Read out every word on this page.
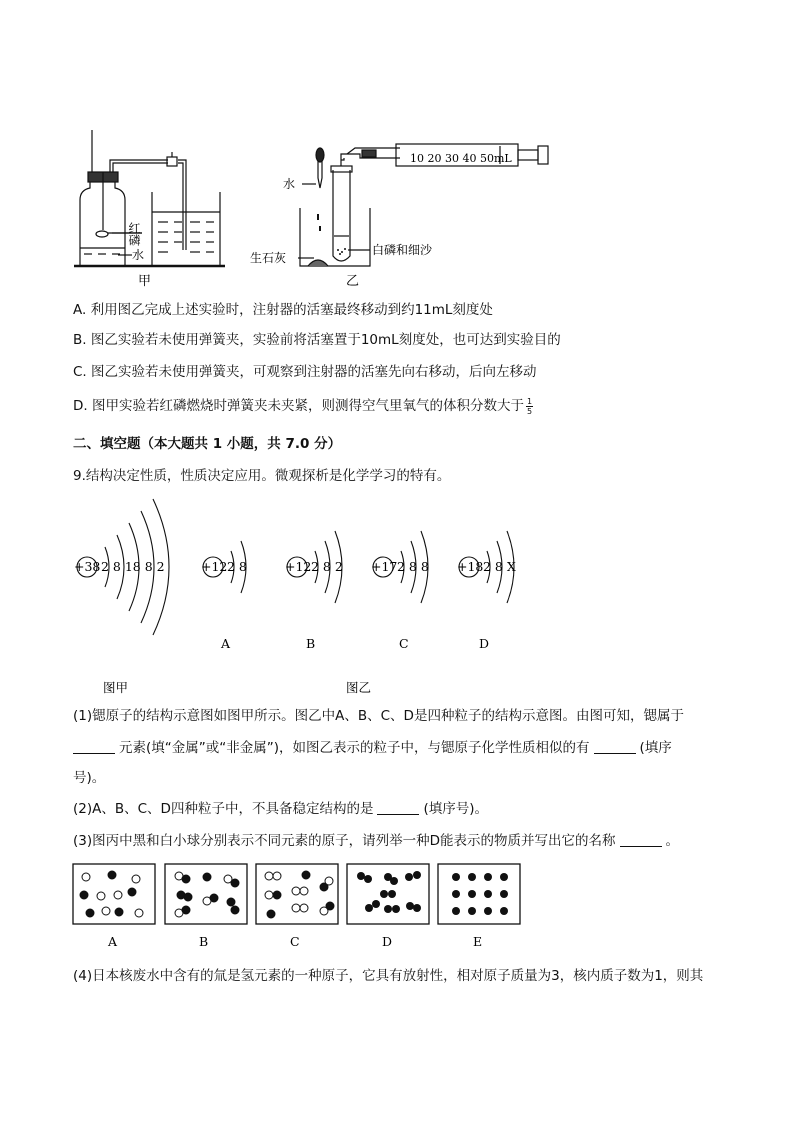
红磷
水
甲
水
生石灰
白磷和细沙
乙
10 20 30 40 50mL
A. 利用图乙完成上述实验时，注射器的活塞最终移动到约11mL刻度处
B. 图乙实验若未使用弹簧夹，实验前将活塞置于10mL刻度处，也可达到实验目的
C. 图乙实验若未使用弹簧夹，可观察到注射器的活塞先向右移动，后向左移动
D. 图甲实验若红磷燃烧时弹簧夹未夹紧，则测得空气里氧气的体积分数大于 $\frac{1}{5}$
二、填空题（本大题共 1 小题，共 7.0 分）
9.结构决定性质，性质决定应用。微观探析是化学学习的特有。
+38 2 8 18 8 2	+12 2 8	+12 2 8 2 +17 2 8 8 +18 2 8 X
A	B	C	D
图甲	图乙
(1)锶原子的结构示意图如图甲所示。图乙中A、B、C、D是四种粒子的结构示意图。由图可知，锶属于
元素(填“金属”或“非金属”)，如图乙表示的粒子中，与锶原子化学性质相似的有	(填序
号)。
(2)A、B、C、D四种粒子中，不具备稳定结构的是	(填序号)。
(3)图丙中黑和白小球分别表示不同元素的原子，请列举一种D能表示的物质并写出它的名称	。
A	B	C	D	E
(4)日本核废水中含有的氚是氢元素的一种原子，它具有放射性，相对原子质量为3，核内质子数为1，则其
